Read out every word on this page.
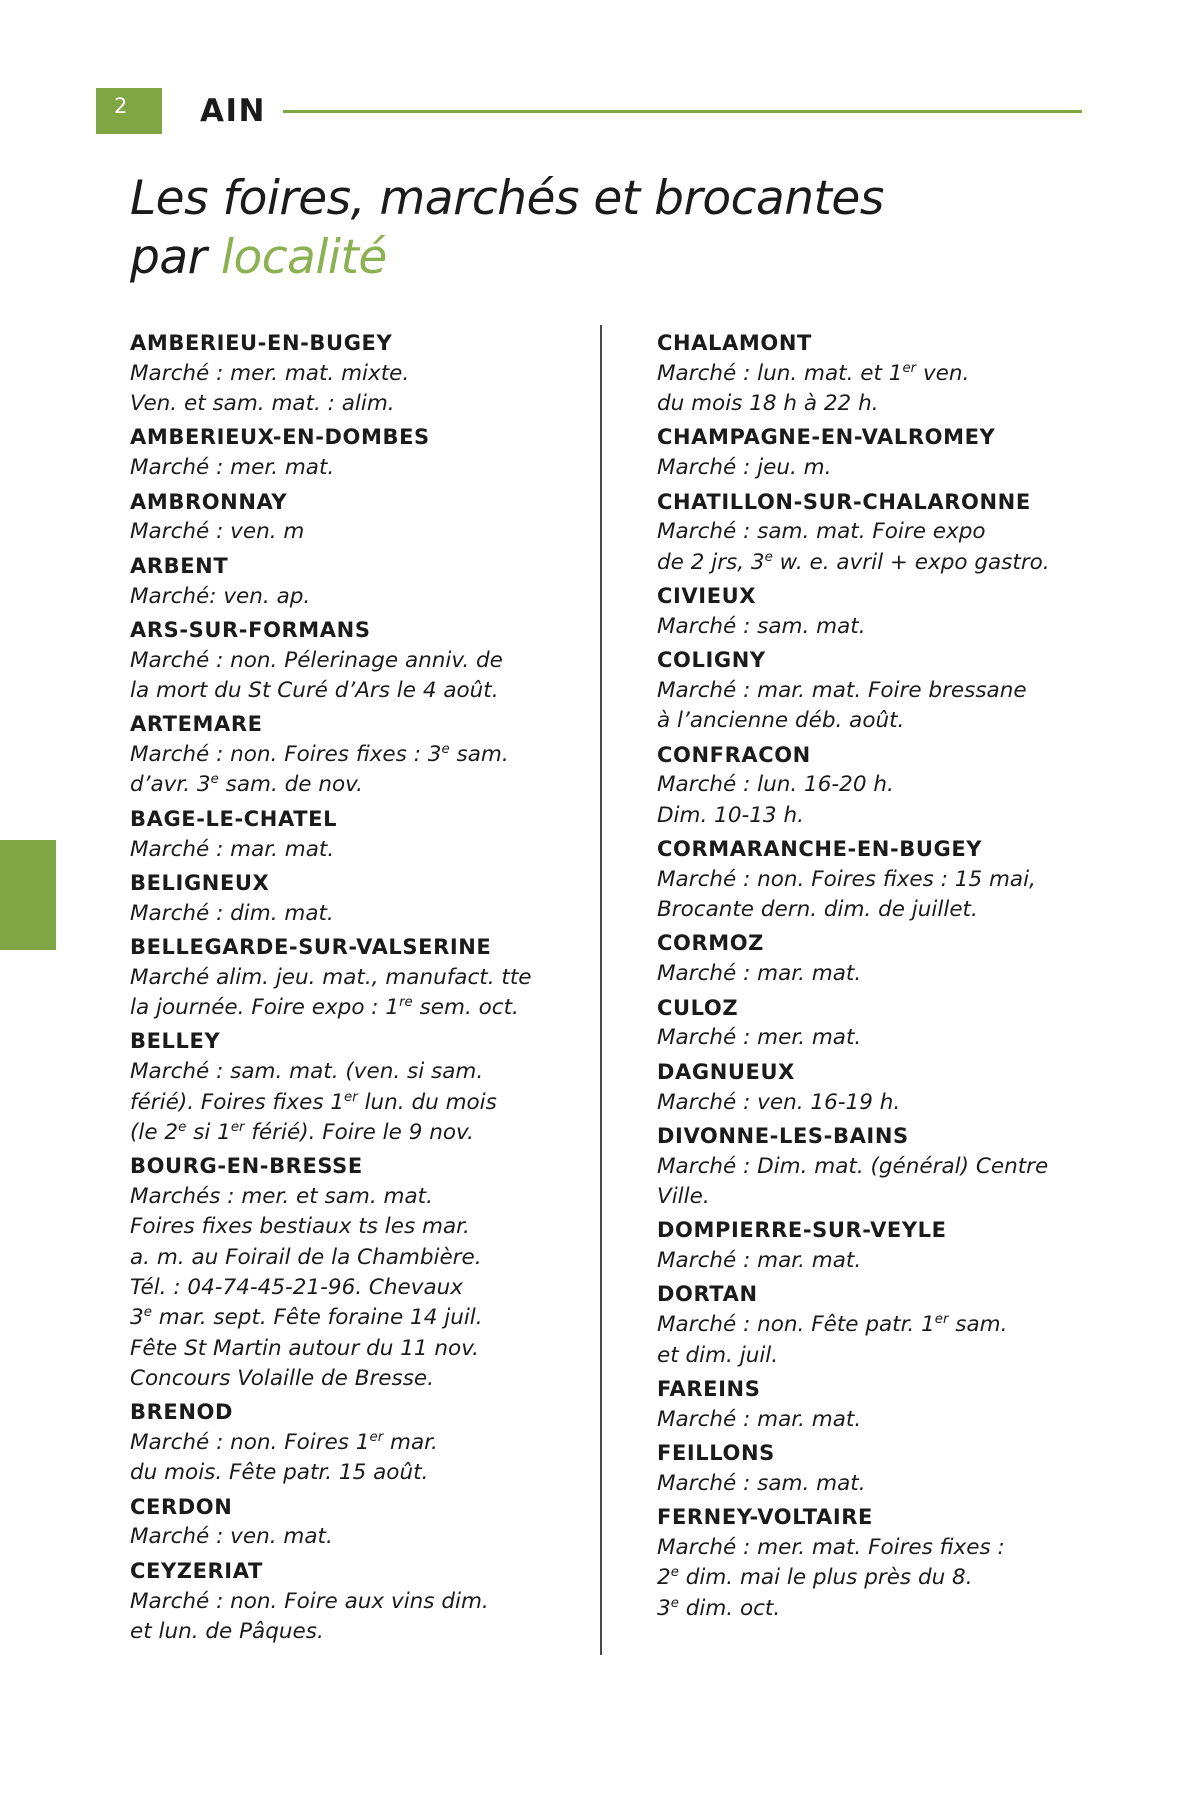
2	AIN
Les foires, marchés et brocantes
par localité
AMBERIEU-EN-BUGEY
Marché : mer. mat. mixte.
Ven. et sam. mat. : alim.
AMBERIEUX-EN-DOMBES
Marché : mer. mat.
AMBRONNAY
Marché : ven. m
ARBENT
Marché: ven. ap.
ARS-SUR-FORMANS
Marché : non. Pélerinage anniv. de
la mort du St Curé d’Ars le 4 août.
ARTEMARE
Marché : non. Foires fixes : 3e sam.
d’avr. 3e sam. de nov.
BAGE-LE-CHATEL
Marché : mar. mat.
BELIGNEUX
Marché : dim. mat.
BELLEGARDE-SUR-VALSERINE
Marché alim. jeu. mat., manufact. tte
la journée. Foire expo : 1re sem. oct.
BELLEY
Marché : sam. mat. (ven. si sam.
férié). Foires fixes 1er lun. du mois
(le 2e si 1er férié). Foire le 9 nov.
BOURG-EN-BRESSE
Marchés : mer. et sam. mat.
Foires fixes bestiaux ts les mar.
a. m. au Foirail de la Chambière.
Tél. : 04-74-45-21-96. Chevaux
3e mar. sept. Fête foraine 14 juil.
Fête St Martin autour du 11 nov.
Concours Volaille de Bresse.
BRENOD
Marché : non. Foires 1er mar.
du mois. Fête patr. 15 août.
CERDON
Marché : ven. mat.
CEYZERIAT
Marché : non. Foire aux vins dim.
et lun. de Pâques.
CHALAMONT
Marché : lun. mat. et 1er ven.
du mois 18 h à 22 h.
CHAMPAGNE-EN-VALROMEY
Marché : jeu. m.
CHATILLON-SUR-CHALARONNE
Marché : sam. mat. Foire expo
de 2 jrs, 3e w. e. avril + expo gastro.
CIVIEUX
Marché : sam. mat.
COLIGNY
Marché : mar. mat. Foire bressane
à l’ancienne déb. août.
CONFRACON
Marché : lun. 16-20 h.
Dim. 10-13 h.
CORMARANCHE-EN-BUGEY
Marché : non. Foires fixes : 15 mai,
Brocante dern. dim. de juillet.
CORMOZ
Marché : mar. mat.
CULOZ
Marché : mer. mat.
DAGNUEUX
Marché : ven. 16-19 h.
DIVONNE-LES-BAINS
Marché : Dim. mat. (général) Centre
Ville.
DOMPIERRE-SUR-VEYLE
Marché : mar. mat.
DORTAN
Marché : non. Fête patr. 1er sam.
et dim. juil.
FAREINS
Marché : mar. mat.
FEILLONS
Marché : sam. mat.
FERNEY-VOLTAIRE
Marché : mer. mat. Foires fixes :
2e dim. mai le plus près du 8.
3e dim. oct.
